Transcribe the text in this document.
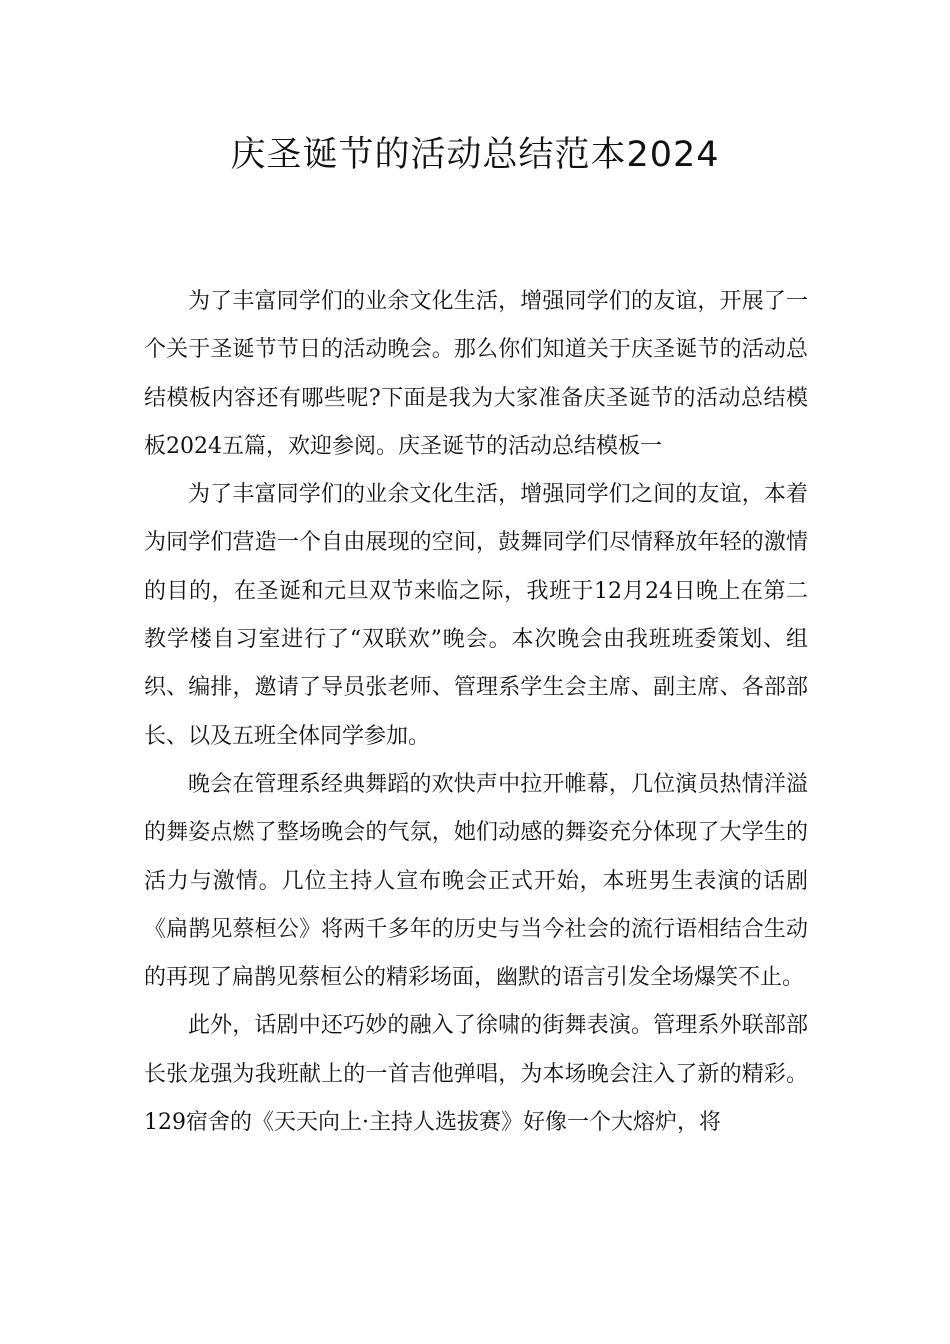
庆圣诞节的活动总结范本2024

为了丰富同学们的业余文化生活，增强同学们的友谊，开展了一个关于圣诞节节日的活动晚会。那么你们知道关于庆圣诞节的活动总结模板内容还有哪些呢?下面是我为大家准备庆圣诞节的活动总结模板2024五篇，欢迎参阅。庆圣诞节的活动总结模板一

为了丰富同学们的业余文化生活，增强同学们之间的友谊，本着为同学们营造一个自由展现的空间，鼓舞同学们尽情释放年轻的激情的目的，在圣诞和元旦双节来临之际，我班于12月24日晚上在第二教学楼自习室进行了“双联欢”晚会。本次晚会由我班班委策划、组织、编排，邀请了导员张老师、管理系学生会主席、副主席、各部部长、以及五班全体同学参加。

晚会在管理系经典舞蹈的欢快声中拉开帷幕，几位演员热情洋溢的舞姿点燃了整场晚会的气氛，她们动感的舞姿充分体现了大学生的活力与激情。几位主持人宣布晚会正式开始，本班男生表演的话剧《扁鹊见蔡桓公》将两千多年的历史与当今社会的流行语相结合生动的再现了扁鹊见蔡桓公的精彩场面，幽默的语言引发全场爆笑不止。

此外，话剧中还巧妙的融入了徐啸的街舞表演。管理系外联部部长张龙强为我班献上的一首吉他弹唱，为本场晚会注入了新的精彩。129宿舍的《天天向上·主持人选拔赛》好像一个大熔炉，将
